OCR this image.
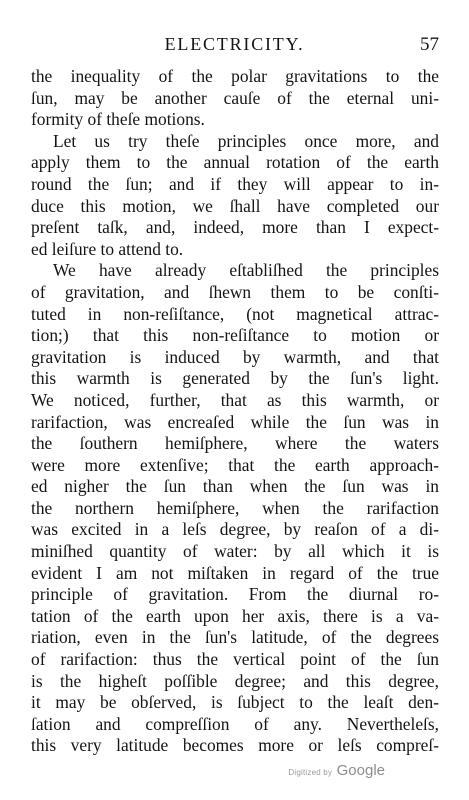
ELECTRICITY.	57
the inequality of the polar gravitations to the
ſun, may be another cauſe of the eternal uni-
formity of theſe motions.
Let us try theſe principles once more, and
apply them to the annual rotation of the earth
round the ſun; and if they will appear to in-
duce this motion, we ſhall have completed our
preſent taſk, and, indeed, more than I expect-
ed leiſure to attend to.
We have already eſtabliſhed the principles
of gravitation, and ſhewn them to be conſti-
tuted in non-reſiſtance, (not magnetical attrac-
tion;) that this non-reſiſtance to motion or
gravitation is induced by warmth, and that
this warmth is generated by the ſun's light.
We noticed, further, that as this warmth, or
rarifaction, was encreaſed while the ſun was in
the ſouthern hemiſphere, where the waters
were more extenſive; that the earth approach-
ed nigher the ſun than when the ſun was in
the northern hemiſphere, when the rarifaction
was excited in a leſs degree, by reaſon of a di-
miniſhed quantity of water: by all which it is
evident I am not miſtaken in regard of the true
principle of gravitation. From the diurnal ro-
tation of the earth upon her axis, there is a va-
riation, even in the ſun's latitude, of the degrees
of rarifaction: thus the vertical point of the ſun
is the higheſt poſſible degree; and this degree,
it may be obſerved, is ſubject to the leaſt den-
ſation and compreſſion of any. Neverthelеſs,
this very latitude becomes more or leſs compreſ-
Digitized by Google
